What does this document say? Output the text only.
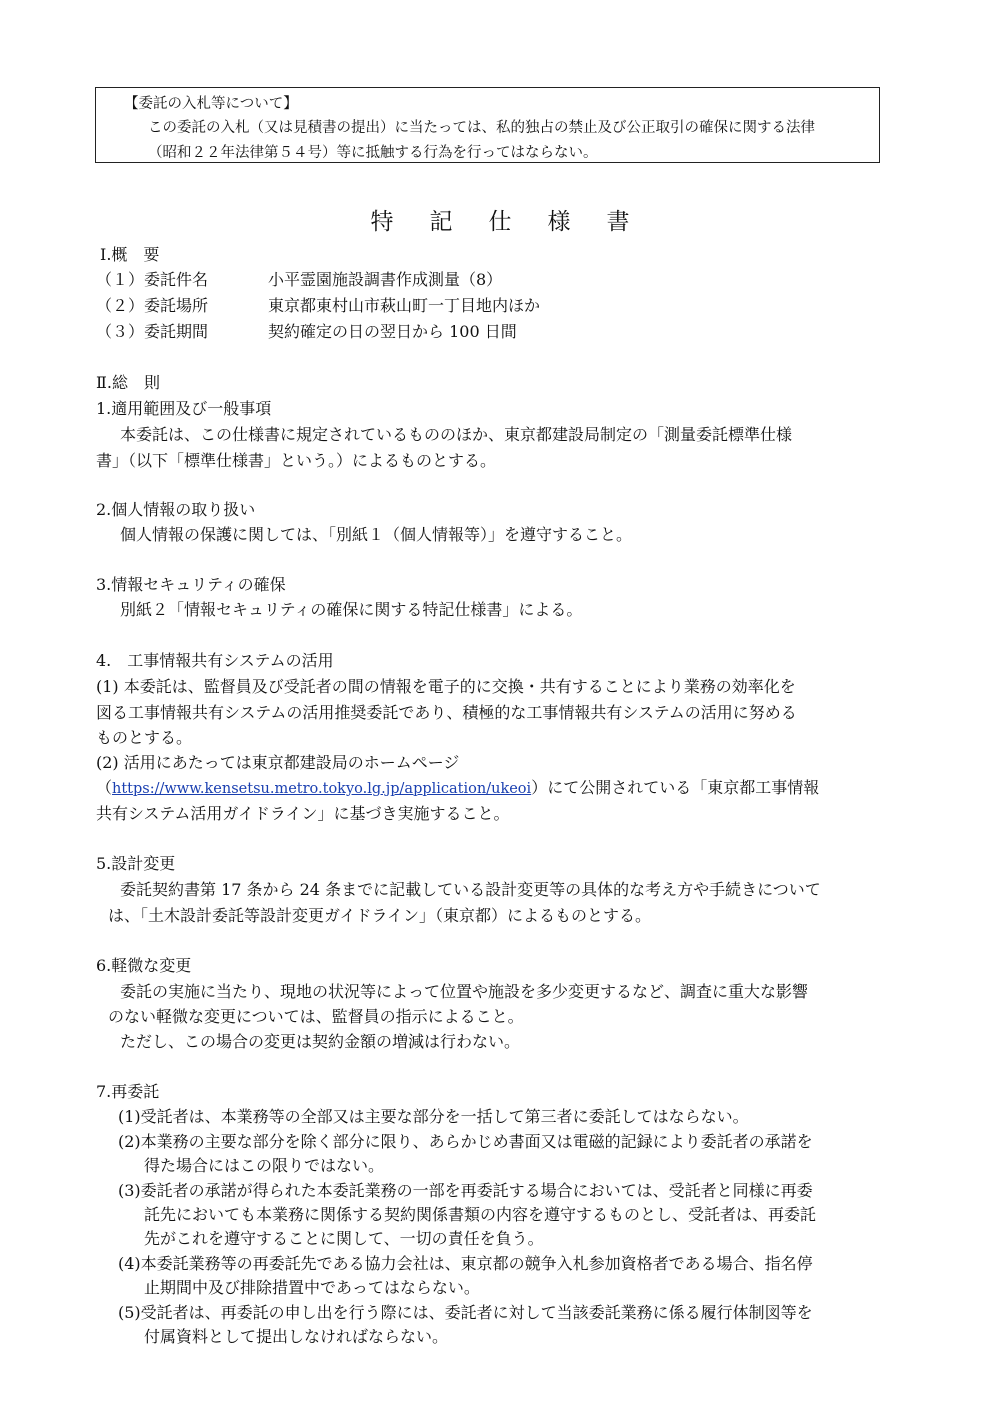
【委託の入札等について】
この委託の入札（又は見積書の提出）に当たっては、私的独占の禁止及び公正取引の確保に関する法律
（昭和２２年法律第５４号）等に抵触する行為を行ってはならない。
特記仕様書
Ⅰ.概　要
（１）委託件名	小平霊園施設調書作成測量（8）
（２）委託場所	東京都東村山市萩山町一丁目地内ほか
（３）委託期間	契約確定の日の翌日から 100 日間
Ⅱ.総　則
1.適用範囲及び一般事項
本委託は、この仕様書に規定されているもののほか、東京都建設局制定の「測量委託標準仕様
書」（以下「標準仕様書」という。）によるものとする。
2.個人情報の取り扱い
個人情報の保護に関しては、「別紙１（個人情報等）」を遵守すること。
3.情報セキュリティの確保
別紙２「情報セキュリティの確保に関する特記仕様書」による。
4.　工事情報共有システムの活用
(1) 本委託は、監督員及び受託者の間の情報を電子的に交換・共有することにより業務の効率化を
図る工事情報共有システムの活用推奨委託であり、積極的な工事情報共有システムの活用に努める
ものとする。
(2) 活用にあたっては東京都建設局のホームページ
（https://www.kensetsu.metro.tokyo.lg.jp/application/ukeoi）にて公開されている「東京都工事情報
共有システム活用ガイドライン」に基づき実施すること。
5.設計変更
委託契約書第 17 条から 24 条までに記載している設計変更等の具体的な考え方や手続きについて
は、「土木設計委託等設計変更ガイドライン」（東京都）によるものとする。
6.軽微な変更
委託の実施に当たり、現地の状況等によって位置や施設を多少変更するなど、調査に重大な影響
のない軽微な変更については、監督員の指示によること。
ただし、この場合の変更は契約金額の増減は行わない。
7.再委託
(1)受託者は、本業務等の全部又は主要な部分を一括して第三者に委託してはならない。
(2)本業務の主要な部分を除く部分に限り、あらかじめ書面又は電磁的記録により委託者の承諾を
得た場合にはこの限りではない。
(3)委託者の承諾が得られた本委託業務の一部を再委託する場合においては、受託者と同様に再委
託先においても本業務に関係する契約関係書類の内容を遵守するものとし、受託者は、再委託
先がこれを遵守することに関して、一切の責任を負う。
(4)本委託業務等の再委託先である協力会社は、東京都の競争入札参加資格者である場合、指名停
止期間中及び排除措置中であってはならない。
(5)受託者は、再委託の申し出を行う際には、委託者に対して当該委託業務に係る履行体制図等を
付属資料として提出しなければならない。
